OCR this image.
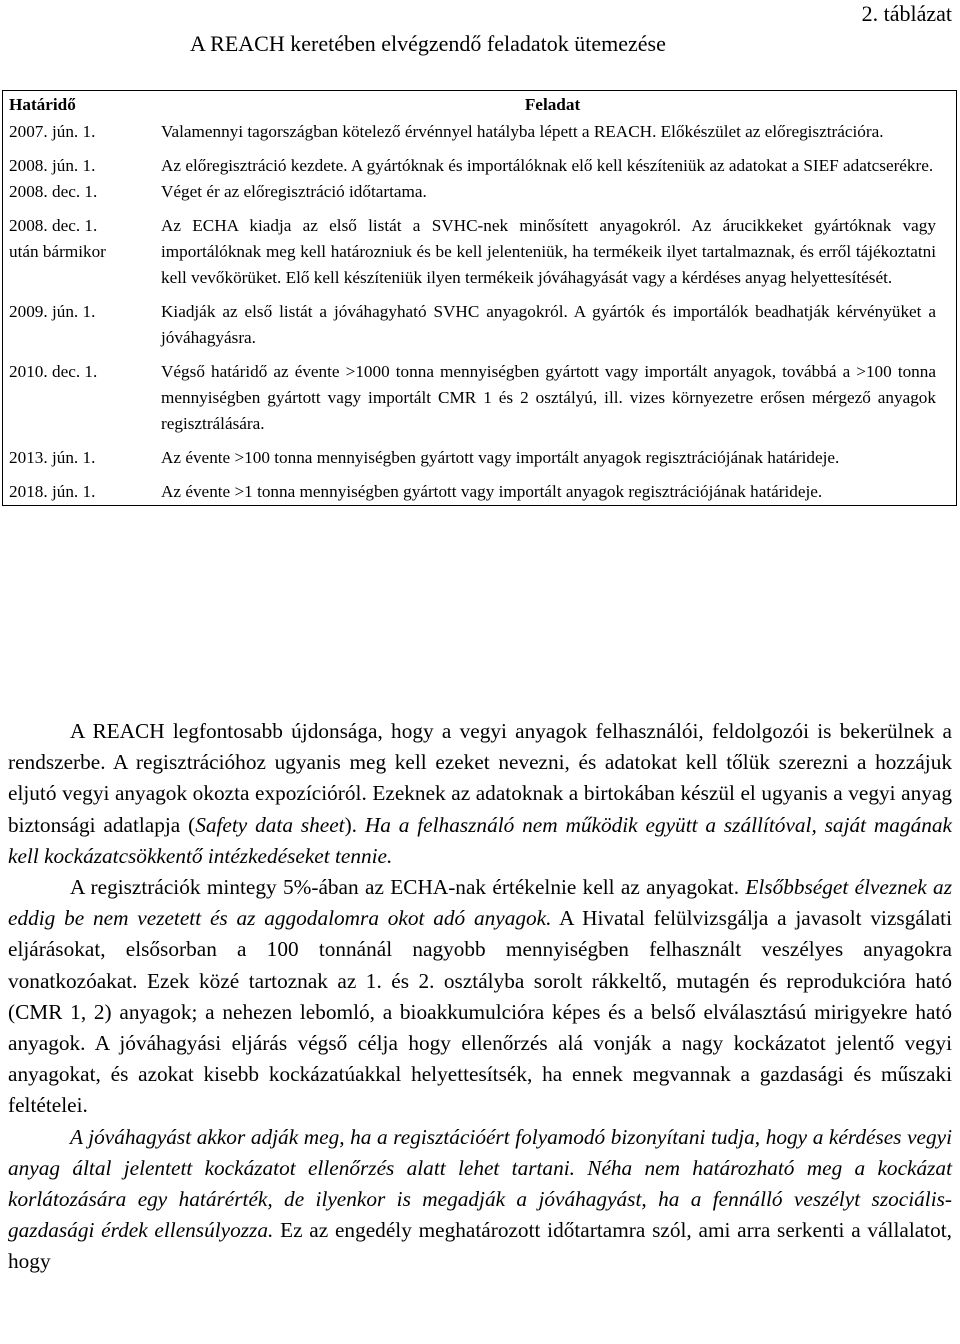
2. táblázat
A REACH keretében elvégzendő feladatok ütemezése
Határidő	Feladat
2007. jún. 1.	Valamennyi tagországban kötelező érvénnyel hatályba lépett a REACH. Előkészület az előregisztrációra.
2008. jún. 1.	Az előregisztráció kezdete. A gyártóknak és importálóknak elő kell készíteniük az adatokat a SIEF adatcserékre.
2008. dec. 1.	Véget ér az előregisztráció időtartama.
2008. dec. 1.
után bármikor	Az ECHA kiadja az első listát a SVHC-nek minősített anyagokról. Az árucikkeket gyártóknak vagy importálóknak meg kell határozniuk és be kell jelenteniük, ha termékeik ilyet tartalmaznak, és erről tájékoztatni kell vevőkörüket. Elő kell készíteniük ilyen termékeik jóváhagyását vagy a kérdéses anyag helyettesítését.
2009. jún. 1.	Kiadják az első listát a jóváhagyható SVHC anyagokról. A gyártók és importálók beadhatják kérvényüket a jóváhagyásra.
2010. dec. 1.	Végső határidő az évente >1000 tonna mennyiségben gyártott vagy importált anyagok, továbbá a >100 tonna mennyiségben gyártott vagy importált CMR 1 és 2 osztályú, ill. vizes környezetre erősen mérgező anyagok regisztrálására.
2013. jún. 1.	Az évente >100 tonna mennyiségben gyártott vagy importált anyagok regisztrációjának határideje.
2018. jún. 1.	Az évente >1 tonna mennyiségben gyártott vagy importált anyagok regisztrációjának határideje.

A REACH legfontosabb újdonsága, hogy a vegyi anyagok felhasználói, feldolgozói is bekerülnek a rendszerbe. A regisztrációhoz ugyanis meg kell ezeket nevezni, és adatokat kell tőlük szerezni a hozzájuk eljutó vegyi anyagok okozta expozícióról. Ezeknek az adatoknak a birtokában készül el ugyanis a vegyi anyag biztonsági adatlapja (Safety data sheet). Ha a felhasználó nem működik együtt a szállítóval, saját magának kell kockázatcsökkentő intézkedéseket tennie.

A regisztrációk mintegy 5%-ában az ECHA-nak értékelnie kell az anyagokat. Elsőbbséget élveznek az eddig be nem vezetett és az aggodalomra okot adó anyagok. A Hivatal felülvizsgálja a javasolt vizsgálati eljárásokat, elsősorban a 100 tonnánál nagyobb mennyiségben felhasznált veszélyes anyagokra vonatkozóakat. Ezek közé tartoznak az 1. és 2. osztályba sorolt rákkeltő, mutagén és reprodukcióra ható (CMR 1, 2) anyagok; a nehezen lebomló, a bioakkumulcióra képes és a belső elválasztású mirigyekre ható anyagok. A jóváhagyási eljárás végső célja hogy ellenőrzés alá vonják a nagy kockázatot jelentő vegyi anyagokat, és azokat kisebb kockázatúakkal helyettesítsék, ha ennek megvannak a gazdasági és műszaki feltételei.

A jóváhagyást akkor adják meg, ha a regisztációért folyamodó bizonyítani tudja, hogy a kérdéses vegyi anyag által jelentett kockázatot ellenőrzés alatt lehet tartani. Néha nem határozható meg a kockázat korlátozására egy határérték, de ilyenkor is megadják a jóváhagyást, ha a fennálló veszélyt szociális-gazdasági érdek ellensúlyozza. Ez az engedély meghatározott időtartamra szól, ami arra serkenti a vállalatot, hogy
